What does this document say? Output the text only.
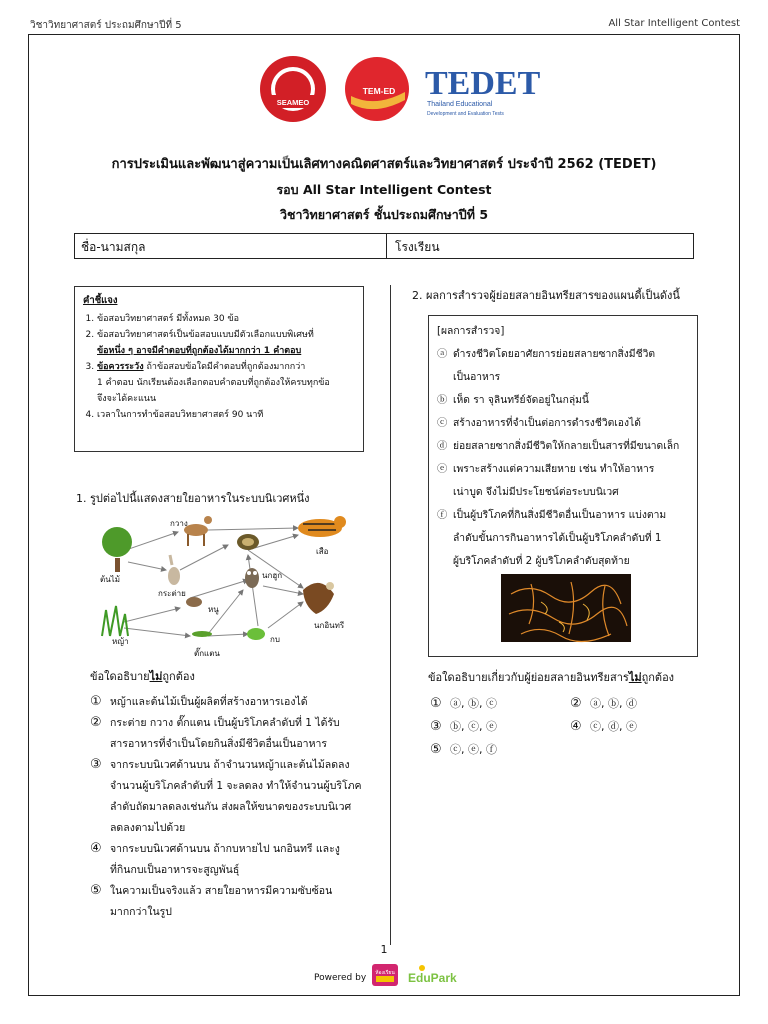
วิชาวิทยาศาสตร์ ประถมศึกษาปีที่ 5	All Star Intelligent Contest
SEAMEO
TEM-ED TEDET
Thailand Educational
Development and Evaluation Tests
การประเมินและพัฒนาสู่ความเป็นเลิศทางคณิตศาสตร์และวิทยาศาสตร์ ประจำปี 2562 (TEDET)
รอบ All Star Intelligent Contest
วิชาวิทยาศาสตร์ ชั้นประถมศึกษาปีที่ 5
ชื่อ-นามสกุล	โรงเรียน
คำชี้แจง
1. ข้อสอบวิทยาศาสตร์ มีทั้งหมด 30 ข้อ
2. ข้อสอบวิทยาศาสตร์เป็นข้อสอบแบบมีตัวเลือกแบบพิเศษที่
ข้อหนึ่ง ๆ อาจมีคำตอบที่ถูกต้องได้มากกว่า 1 คำตอบ
3. ข้อควรระวัง ถ้าข้อสอบข้อใดมีคำตอบที่ถูกต้องมากกว่า
1 คำตอบ นักเรียนต้องเลือกตอบคำตอบที่ถูกต้องให้ครบทุกข้อ
จึงจะได้คะแนน
4. เวลาในการทำข้อสอบวิทยาศาสตร์ 90 นาที
1. รูปต่อไปนี้แสดงสายใยอาหารในระบบนิเวศหนึ่ง
ต้นไม้
กวาง
เสือ
กระต่าย
นกฮูก
หนู
นกอินทรี
หญ้า
ตั๊กแตน
กบ
ข้อใดอธิบายไม่ถูกต้อง
① หญ้าและต้นไม้เป็นผู้ผลิตที่สร้างอาหารเองได้
② กระต่าย กวาง ตั๊กแตน เป็นผู้บริโภคลำดับที่ 1 ได้รับ
สารอาหารที่จำเป็นโดยกินสิ่งมีชีวิตอื่นเป็นอาหาร
③ จากระบบนิเวศด้านบน ถ้าจำนวนหญ้าและต้นไม้ลดลง
จำนวนผู้บริโภคลำดับที่ 1 จะลดลง ทำให้จำนวนผู้บริโภค
ลำดับถัดมาลดลงเช่นกัน ส่งผลให้ขนาดของระบบนิเวศ
ลดลงตามไปด้วย
④ จากระบบนิเวศด้านบน ถ้ากบหายไป นกอินทรี และงู
ที่กินกบเป็นอาหารจะสูญพันธุ์
⑤ ในความเป็นจริงแล้ว สายใยอาหารมีความซับซ้อน
มากกว่าในรูป
2. ผลการสำรวจผู้ย่อยสลายอินทรียสารของแผนดี้เป็นดังนี้
[ผลการสำรวจ]
ⓐ ดำรงชีวิตโดยอาศัยการย่อยสลายซากสิ่งมีชีวิต
เป็นอาหาร
ⓑ เห็ด รา จุลินทรีย์จัดอยู่ในกลุ่มนี้
ⓒ สร้างอาหารที่จำเป็นต่อการดำรงชีวิตเองได้
ⓓ ย่อยสลายซากสิ่งมีชีวิตให้กลายเป็นสารที่มีขนาดเล็ก
ⓔ เพราะสร้างแต่ความเสียหาย เช่น ทำให้อาหาร
เน่าบูด จึงไม่มีประโยชน์ต่อระบบนิเวศ
ⓕ เป็นผู้บริโภคที่กินสิ่งมีชีวิตอื่นเป็นอาหาร แบ่งตาม
ลำดับขั้นการกินอาหารได้เป็นผู้บริโภคลำดับที่ 1
ผู้บริโภคลำดับที่ 2 ผู้บริโภคลำดับสุดท้าย
ข้อใดอธิบายเกี่ยวกับผู้ย่อยสลายอินทรียสารไม่ถูกต้อง
① ⓐ, ⓑ, ⓒ	② ⓐ, ⓑ, ⓓ
③ ⓑ, ⓒ, ⓔ	④ ⓒ, ⓓ, ⓔ
⑤ ⓒ, ⓔ, ⓕ
1
Powered by ห้องเรียน EduPark
